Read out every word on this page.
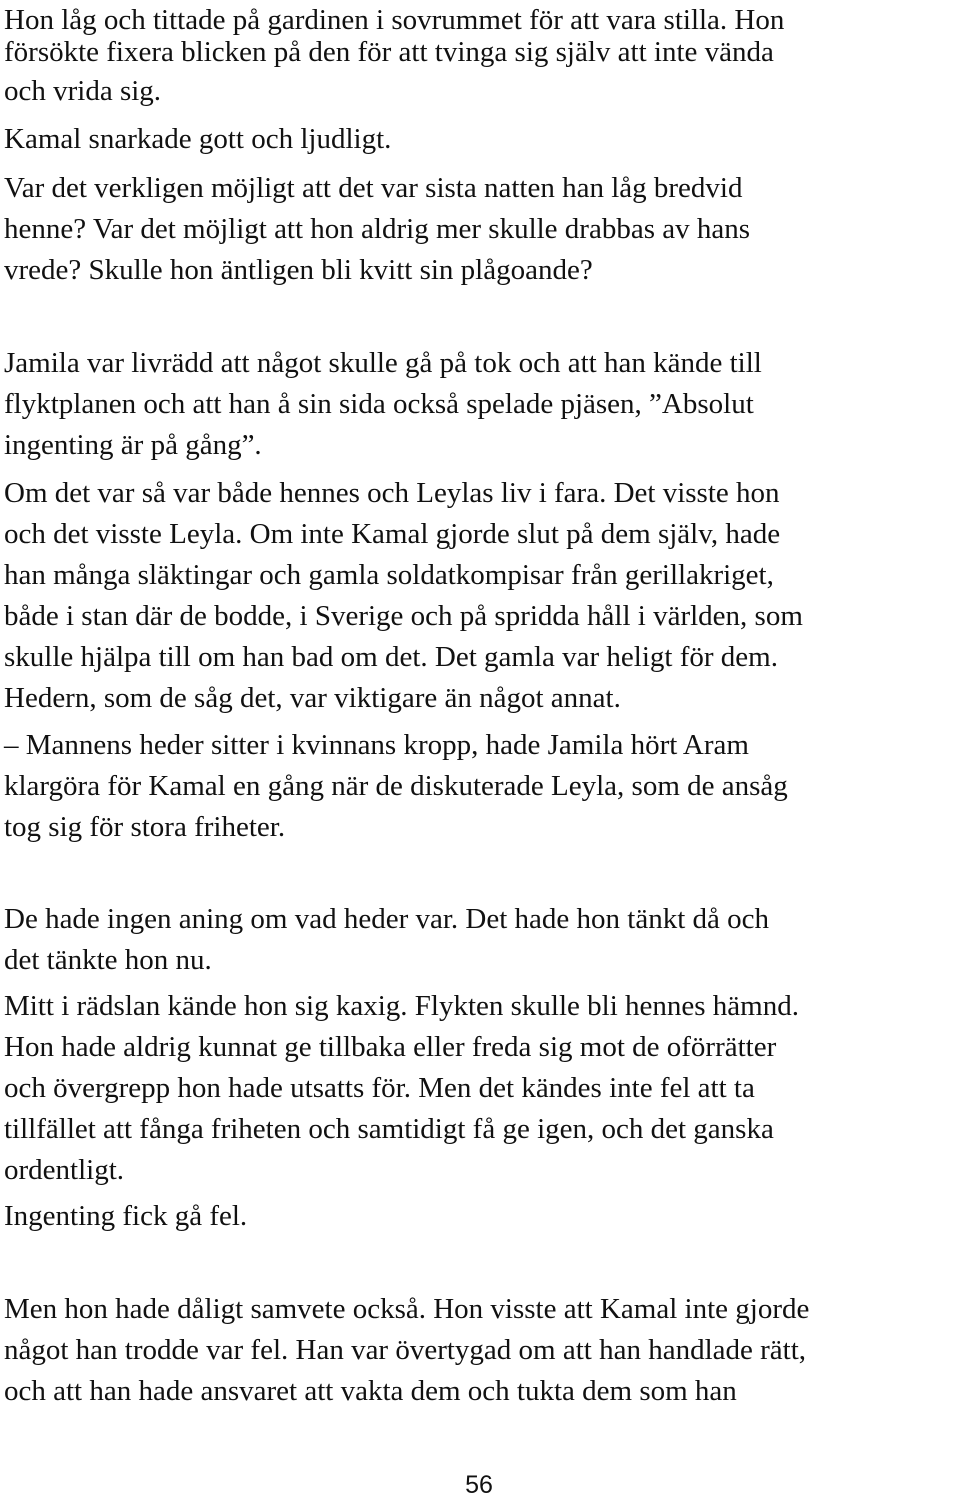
Hon låg och tittade på gardinen i sovrummet för att vara stilla. Hon
försökte fixera blicken på den för att tvinga sig själv att inte vända
och vrida sig.
Kamal snarkade gott och ljudligt.
Var det verkligen möjligt att det var sista natten han låg bredvid
henne? Var det möjligt att hon aldrig mer skulle drabbas av hans
vrede? Skulle hon äntligen bli kvitt sin plågoande?
Jamila var livrädd att något skulle gå på tok och att han kände till
flyktplanen och att han å sin sida också spelade pjäsen, ”Absolut
ingenting är på gång”.
Om det var så var både hennes och Leylas liv i fara. Det visste hon
och det visste Leyla. Om inte Kamal gjorde slut på dem själv, hade
han många släktingar och gamla soldatkompisar från gerillakriget,
både i stan där de bodde, i Sverige och på spridda håll i världen, som
skulle hjälpa till om han bad om det. Det gamla var heligt för dem.
Hedern, som de såg det, var viktigare än något annat.
– Mannens heder sitter i kvinnans kropp, hade Jamila hört Aram
klargöra för Kamal en gång när de diskuterade Leyla, som de ansåg
tog sig för stora friheter.
De hade ingen aning om vad heder var. Det hade hon tänkt då och
det tänkte hon nu.
Mitt i rädslan kände hon sig kaxig. Flykten skulle bli hennes hämnd.
Hon hade aldrig kunnat ge tillbaka eller freda sig mot de oförrätter
och övergrepp hon hade utsatts för. Men det kändes inte fel att ta
tillfället att fånga friheten och samtidigt få ge igen, och det ganska
ordentligt.
Ingenting fick gå fel.
Men hon hade dåligt samvete också. Hon visste att Kamal inte gjorde
något han trodde var fel. Han var övertygad om att han handlade rätt,
och att han hade ansvaret att vakta dem och tukta dem som han
56
